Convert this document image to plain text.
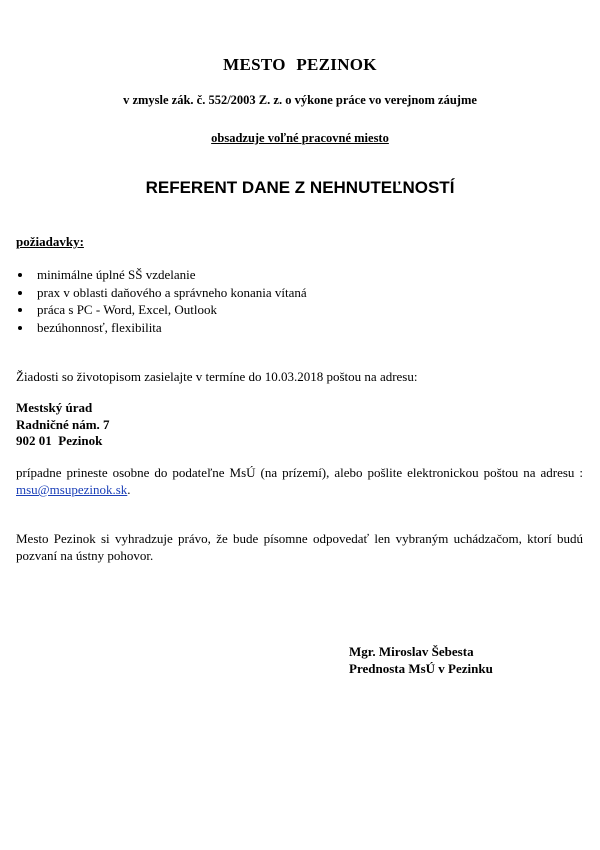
MESTO PEZINOK
v zmysle zák. č. 552/2003 Z. z. o výkone práce vo verejnom záujme
obsadzuje voľné pracovné miesto
REFERENT DANE Z NEHNUTEĽNOSTÍ
požiadavky:
minimálne úplné SŠ vzdelanie
prax v oblasti daňového a správneho konania vítaná
práca s PC - Word, Excel, Outlook
bezúhonnosť, flexibilita
Žiadosti so životopisom zasielajte v termíne do 10.03.2018 poštou na adresu:
Mestský úrad
Radničné nám. 7
902 01  Pezinok
prípadne prineste osobne do podateľne MsÚ (na prízemí), alebo pošlite elektronickou poštou na adresu : msu@msupezinok.sk.
Mesto Pezinok si vyhradzuje právo, že bude písomne odpovedať len vybraným uchádzačom, ktorí budú pozvaní na ústny pohovor.
Mgr. Miroslav Šebesta
Prednosta MsÚ v Pezinku
